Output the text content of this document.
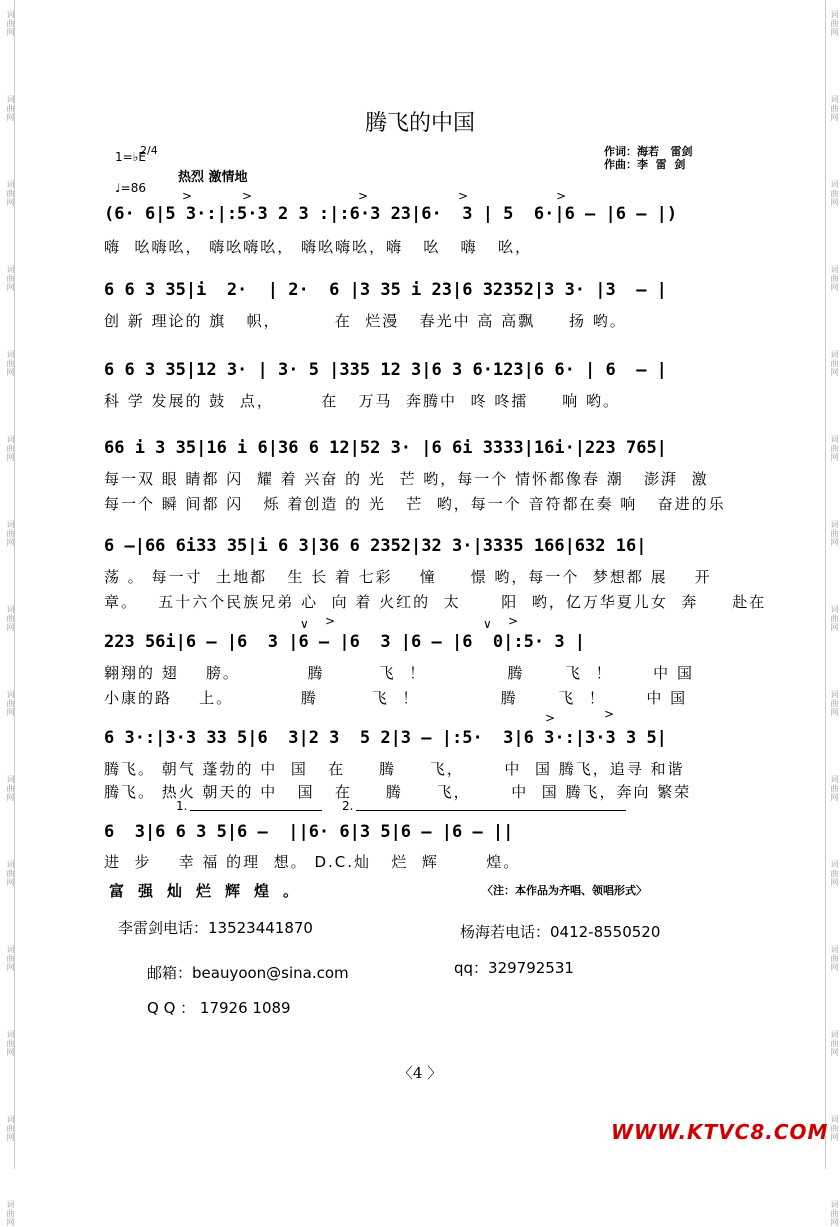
词曲网
词曲网
词曲网
词曲网
词曲网
词曲网
词曲网
词曲网
词曲网
词曲网
词曲网
词曲网
词曲网
词曲网
词曲网
词曲网
词曲网
词曲网
词曲网
词曲网
词曲网
词曲网
词曲网
词曲网
词曲网
词曲网
词曲网
词曲网
词曲网
词曲网
腾飞的中国
作词：海若   雷剑
作曲：李  雷  剑
1=♭E
2/4
♩=86
热烈 激情地
>	>	>	>	>
(6· 6|5 3·:|:5·3 2 3 :|:6·3 23|6·  3 | 5  6·|6 — |6 — |)
嗨  吆嗨吆， 嗨吆嗨吆， 嗨吆嗨吆，嗨   吆   嗨   吆，
6 6 3 35|i  2·  | 2·  6 |3 35 i 23|6 32352|3 3· |3  — |
创 新 理论的 旗   帜，        在  烂漫   春光中 高 高飘     扬 哟。
6 6 3 35|12 3· | 3· 5 |335 12 3|6 3 6·123|6 6· | 6  — |
科 学 发展的 鼓  点，       在   万马  奔腾中  咚 咚擂     响 哟。
66 i 3 35|16 i 6|36 6 12|52 3· |6 6i 3333|16i·|223 765|
每一双 眼 睛都 闪  耀 着 兴奋 的 光  芒 哟，每一个 情怀都像春 潮   澎湃  激
每一个 瞬 间都 闪   烁 着创造 的 光   芒  哟，每一个 音符都在奏 响   奋进的乐
6 —|66 6i33 35|i 6 3|36 6 2352|32 3·|3335 166|632 16|
荡 。 每一寸  土地都   生 长 着 七彩    憧     憬 哟，每一个  梦想都 展    开
章。   五十六个民族兄弟 心  向 着 火红的  太      阳  哟，亿万华夏儿女  奔     赴在
∨ >	∨ >
223 56i|6 — |6  3 |6 — |6  3 |6 — |6  0|:5· 3 |
翱翔的 翅    膀。          腾        飞  ！            腾      飞  ！      中 国
小康的路    上。          腾        飞  ！            腾      飞  ！      中 国
>	>
6 3·:|3·3 33 5|6  3|2 3  5 2|3 — |:5·  3|6 3·:|3·3 3 5|
腾飞。 朝气 蓬勃的 中  国   在     腾     飞，      中  国 腾飞，追寻 和谐
腾飞。 热火 朝天的 中   国   在     腾     飞，      中  国 腾飞，奔向 繁荣
1.	2.
6  3|6 6 3 5|6 —  ||6· 6|3 5|6 — |6 — ||
进  步    幸 福 的理  想。 D.C.灿   烂  辉       煌。
富强灿烂辉煌。	〈注：本作品为齐唱、领唱形式〉
李雷剑电话：13523441870	杨海若电话：0412-8550520
邮箱：beauyoon@sina.com	qq：329792531
Q Q ： 17926 1089
〈4 〉
WWW.KTVC8.COM
